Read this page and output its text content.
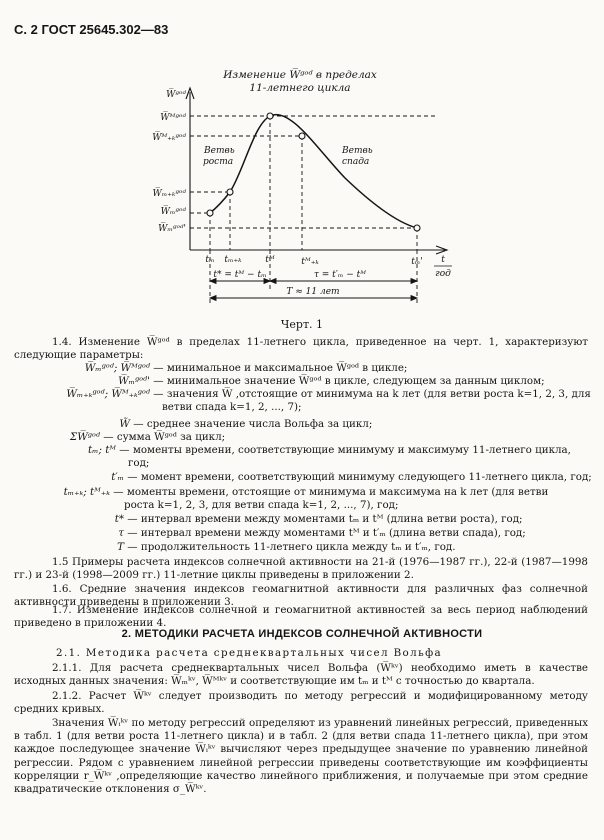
С. 2 ГОСТ 25645.302—83
Изменение W̅ᵍᵒᵈ в пределах
11-летнего цикла
W̅ᵍᵒᵈ
W̅ᴹᵍᵒᵈ
W̅ᴹ₊ₖᵍᵒᵈ
W̅ₘ₊ₖᵍᵒᵈ
W̅ₘᵍᵒᵈ
W̅ₘᵍᵒᵈ'
Ветвь
роста
Ветвь
спада
tₘ tₘ₊ₖ	tᴹ	tᴹ₊ₖ	tₘ' t
год
t* = tᴹ − tₘ	τ = t′ₘ − tᴹ
T ≈ 11 лет
Черт. 1
1.4. Изменение W̅ᵍᵒᵈ в пределах 11-летнего цикла, приведенное на черт. 1, характеризуют следующие параметры:
W̅ₘᵍᵒᵈ; W̅ᴹᵍᵒᵈ — минимальное и максимальное W̅ᵍᵒᵈ в цикле;
W̅ₘᵍᵒᵈ' — минимальное значение W̅ᵍᵒᵈ в цикле, следующем за данным циклом;
W̅ₘ₊ₖᵍᵒᵈ; W̅ᴹ₊ₖᵍᵒᵈ — значения W̅ ,отстоящие от минимума на k лет (для ветви роста k=1, 2, 3, для
ветви спада k=1, 2, ..., 7);
W̃ — среднее значение числа Вольфа за цикл;
ΣW̅ᵍᵒᵈ — сумма W̅ᵍᵒᵈ за цикл;
tₘ; tᴹ — моменты времени, соответствующие минимуму и максимуму 11-летнего цикла,
год;
t′ₘ — момент времени, соответствующий минимуму следующего 11-летнего цикла, год;
tₘ₊ₖ; tᴹ₊ₖ — моменты времени, отстоящие от минимума и максимума на k лет (для ветви
роста k=1, 2, 3, для ветви спада k=1, 2, ..., 7), год;
t* — интервал времени между моментами tₘ и tᴹ (длина ветви роста), год;
τ — интервал времени между моментами tᴹ и t′ₘ (длина ветви спада), год;
T — продолжительность 11-летнего цикла между tₘ и t′ₘ, год.
1.5 Примеры расчета индексов солнечной активности на 21-й (1976—1987 гг.), 22-й (1987—1998 гг.) и 23-й (1998—2009 гг.) 11-летние циклы приведены в приложении 2.
1.6. Средние значения индексов геомагнитной активности для различных фаз солнечной активности приведены в приложении 3.
1.7. Изменение индексов солнечной и геомагнитной активностей за весь период наблюдений приведено в приложении 4.
2. МЕТОДИКИ РАСЧЕТА ИНДЕКСОВ СОЛНЕЧНОЙ АКТИВНОСТИ
2.1. Методика расчета среднеквартальных чисел Вольфа
2.1.1. Для расчета среднеквартальных чисел Вольфа (W̅ᵏᵛ) необходимо иметь в качестве исходных данных значения: W̅ₘᵏᵛ, W̅ᴹᵏᵛ и соответствующие им tₘ и tᴹ с точностью до квартала.
2.1.2. Расчет W̅ᵏᵛ следует производить по методу регрессий и модифицированному методу средних кривых.
Значения W̅ᵢᵏᵛ по методу регрессий определяют из уравнений линейных регрессий, приведенных в табл. 1 (для ветви роста 11-летнего цикла) и в табл. 2 (для ветви спада 11-летнего цикла), при этом каждое последующее значение W̅ᵢᵏᵛ вычисляют через предыдущее значение по уравнению линейной регрессии. Рядом с уравнением линейной регрессии приведены соответствующие им коэффициенты корреляции r_W̅ᵏᵛ ,определяющие качество линейного приближения, и получаемые при этом средние квадратические отклонения σ_W̅ᵏᵛ.
